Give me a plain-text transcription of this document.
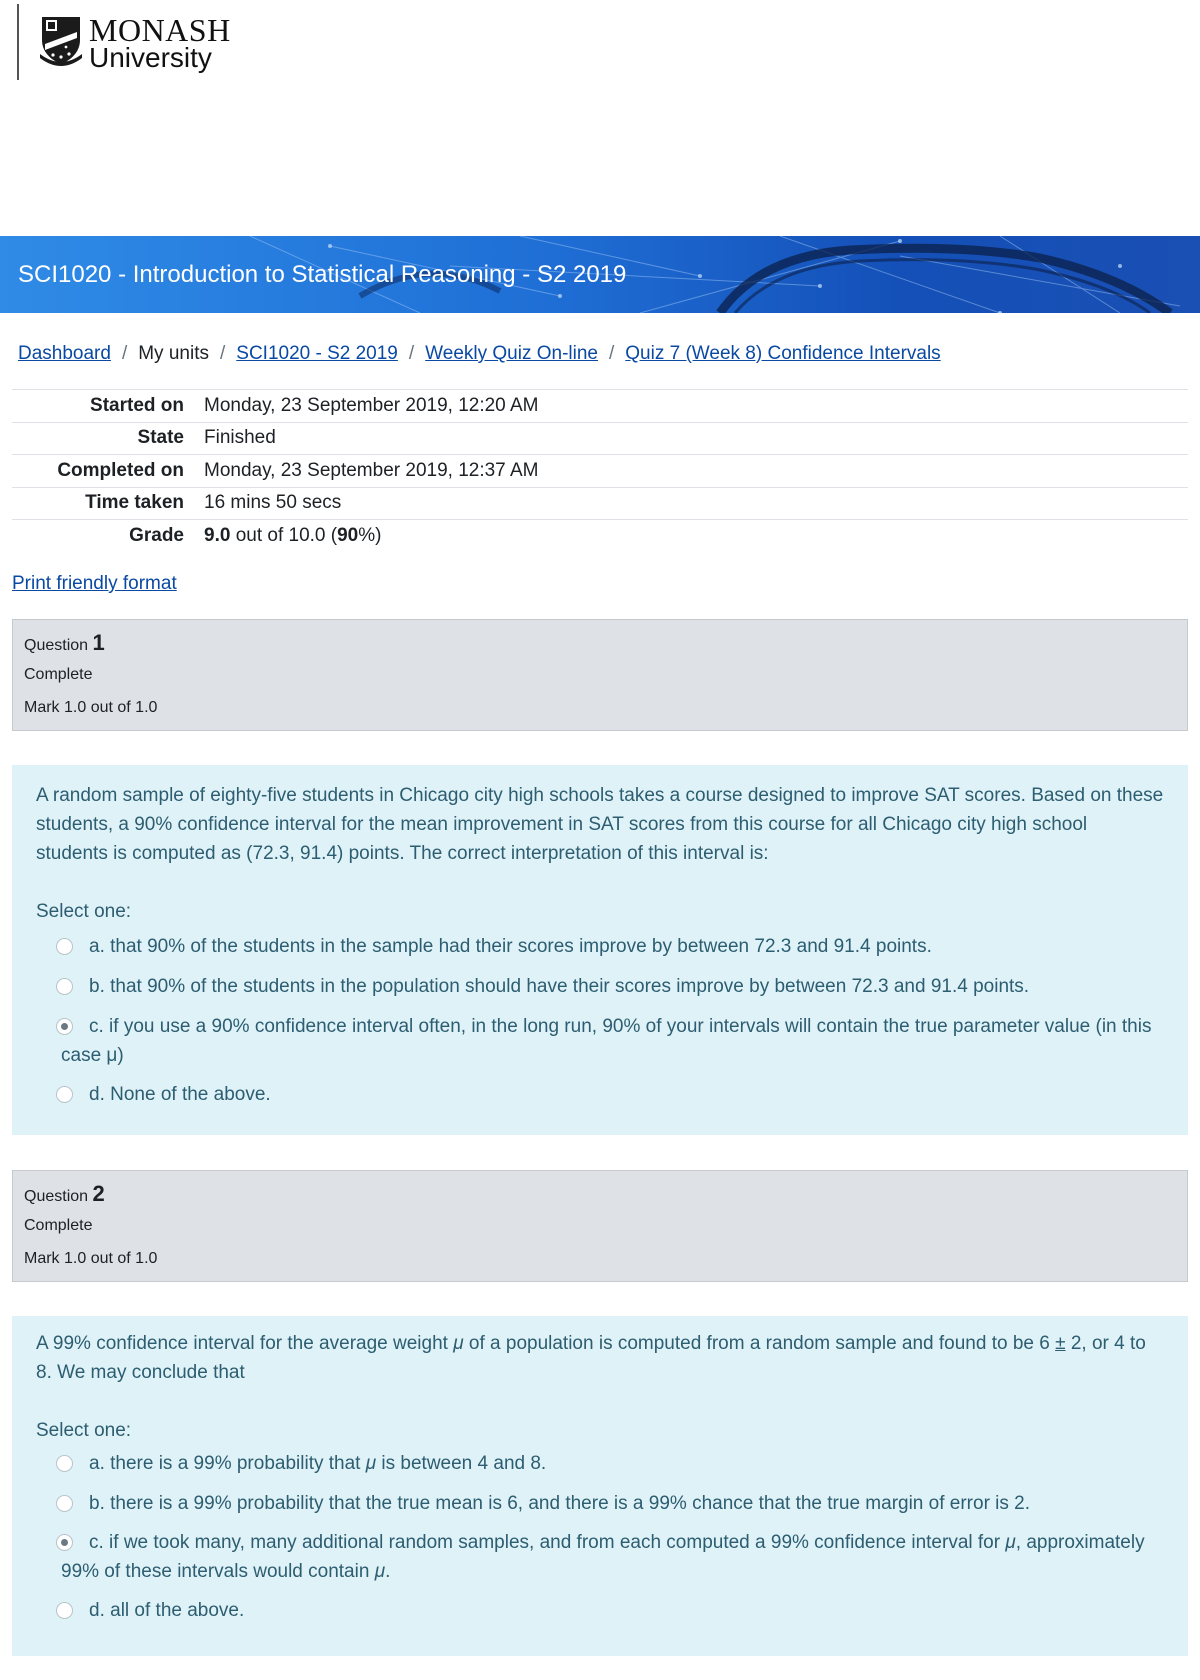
MONASH
University
SCI1020 - Introduction to Statistical Reasoning - S2 2019
Dashboard / My units / SCI1020 - S2 2019 / Weekly Quiz On-line / Quiz 7 (Week 8) Confidence Intervals
Started on	Monday, 23 September 2019, 12:20 AM
State	Finished
Completed on	Monday, 23 September 2019, 12:37 AM
Time taken	16 mins 50 secs
Grade	9.0 out of 10.0 (90%)
Print friendly format
Question 1
Complete
Mark 1.0 out of 1.0

A random sample of eighty-five students in Chicago city high schools takes a course designed to improve SAT scores. Based on these students, a 90% confidence interval for the mean improvement in SAT scores from this course for all Chicago city high school students is computed as (72.3, 91.4) points. The correct interpretation of this interval is:

Select one:

a. that 90% of the students in the sample had their scores improve by between 72.3 and 91.4 points.
b. that 90% of the students in the population should have their scores improve by between 72.3 and 91.4 points.
c. if you use a 90% confidence interval often, in the long run, 90% of your intervals will contain the true parameter value (in this case μ)
d. None of the above.
Question 2
Complete
Mark 1.0 out of 1.0

A 99% confidence interval for the average weight μ of a population is computed from a random sample and found to be 6 ± 2, or 4 to 8. We may conclude that

Select one:

a. there is a 99% probability that μ is between 4 and 8.
b. there is a 99% probability that the true mean is 6, and there is a 99% chance that the true margin of error is 2.
c. if we took many, many additional random samples, and from each computed a 99% confidence interval for μ, approximately 99% of these intervals would contain μ.
d. all of the above.
